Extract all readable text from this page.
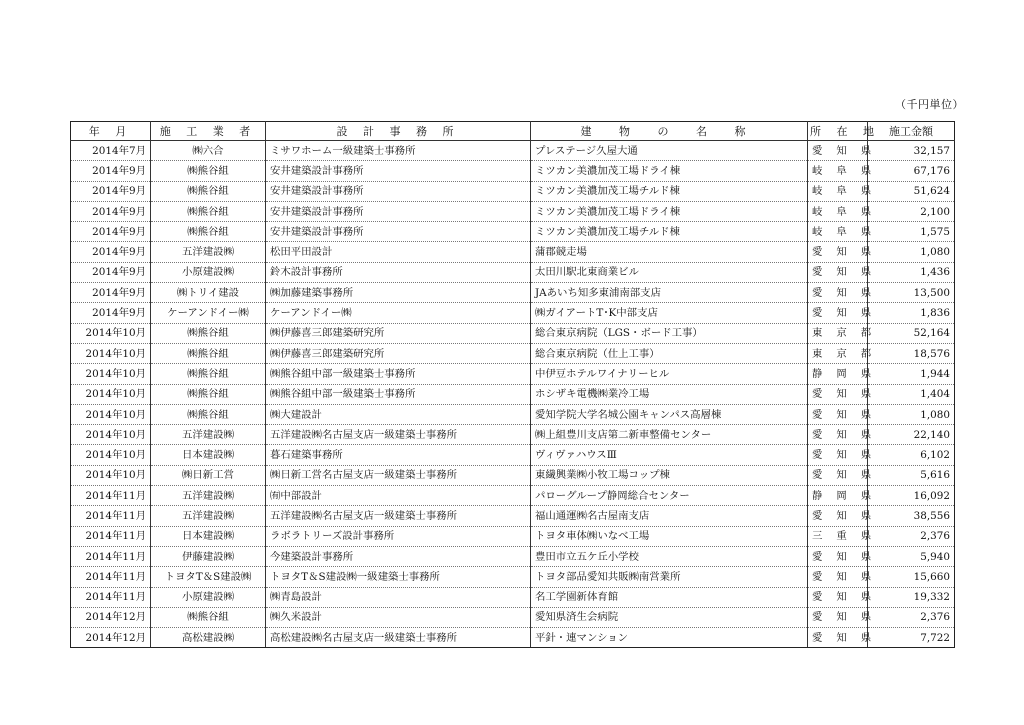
（千円単位）
年 月	施 工 業 者	設 計 事 務 所	建 物 の 名 称	所 在 地	施工金額
2014年7月	㈱六合	ミサワホーム一級建築士事務所	プレステージ久屋大通	愛知県	32,157
2014年9月	㈱熊谷組	安井建築設計事務所	ミツカン美濃加茂工場ドライ棟	岐阜県	67,176
2014年9月	㈱熊谷組	安井建築設計事務所	ミツカン美濃加茂工場チルド棟	岐阜県	51,624
2014年9月	㈱熊谷組	安井建築設計事務所	ミツカン美濃加茂工場ドライ棟	岐阜県	2,100
2014年9月	㈱熊谷組	安井建築設計事務所	ミツカン美濃加茂工場チルド棟	岐阜県	1,575
2014年9月	五洋建設㈱	松田平田設計	蒲郡競走場	愛知県	1,080
2014年9月	小原建設㈱	鈴木設計事務所	太田川駅北東商業ビル	愛知県	1,436
2014年9月	㈱トリイ建設	㈱加藤建築事務所	JAあいち知多東浦南部支店	愛知県	13,500
2014年9月	ケーアンドイー㈱	ケーアンドイー㈱	㈱ガイアートT･K中部支店	愛知県	1,836
2014年10月	㈱熊谷組	㈱伊藤喜三郎建築研究所	総合東京病院（LGS・ボード工事）	東京都	52,164
2014年10月	㈱熊谷組	㈱伊藤喜三郎建築研究所	総合東京病院（仕上工事）	東京都	18,576
2014年10月	㈱熊谷組	㈱熊谷組中部一級建築士事務所	中伊豆ホテルワイナリーヒル	静岡県	1,944
2014年10月	㈱熊谷組	㈱熊谷組中部一級建築士事務所	ホシザキ電機㈱業冷工場	愛知県	1,404
2014年10月	㈱熊谷組	㈱大建設計	愛知学院大学名城公園キャンパス高層棟	愛知県	1,080
2014年10月	五洋建設㈱	五洋建設㈱名古屋支店一級建築士事務所	㈱上組豊川支店第二新車整備センター	愛知県	22,140
2014年10月	日本建設㈱	暮石建築事務所	ヴィヴァハウスⅢ	愛知県	6,102
2014年10月	㈱日新工営	㈱日新工営名古屋支店一級建築士事務所	東繊興業㈱小牧工場コップ棟	愛知県	5,616
2014年11月	五洋建設㈱	㈲中部設計	パローグループ静岡総合センター	静岡県	16,092
2014年11月	五洋建設㈱	五洋建設㈱名古屋支店一級建築士事務所	福山通運㈱名古屋南支店	愛知県	38,556
2014年11月	日本建設㈱	ラボラトリーズ設計事務所	トヨタ車体㈱いなべ工場	三重県	2,376
2014年11月	伊藤建設㈱	今建築設計事務所	豊田市立五ケ丘小学校	愛知県	5,940
2014年11月	トヨタT＆S建設㈱	トヨタT＆S建設㈱一級建築士事務所	トヨタ部品愛知共販㈱南営業所	愛知県	15,660
2014年11月	小原建設㈱	㈱青島設計	名工学園新体育館	愛知県	19,332
2014年12月	㈱熊谷組	㈱久米設計	愛知県済生会病院	愛知県	2,376
2014年12月	高松建設㈱	高松建設㈱名古屋支店一級建築士事務所	平針・連マンション	愛知県	7,722
